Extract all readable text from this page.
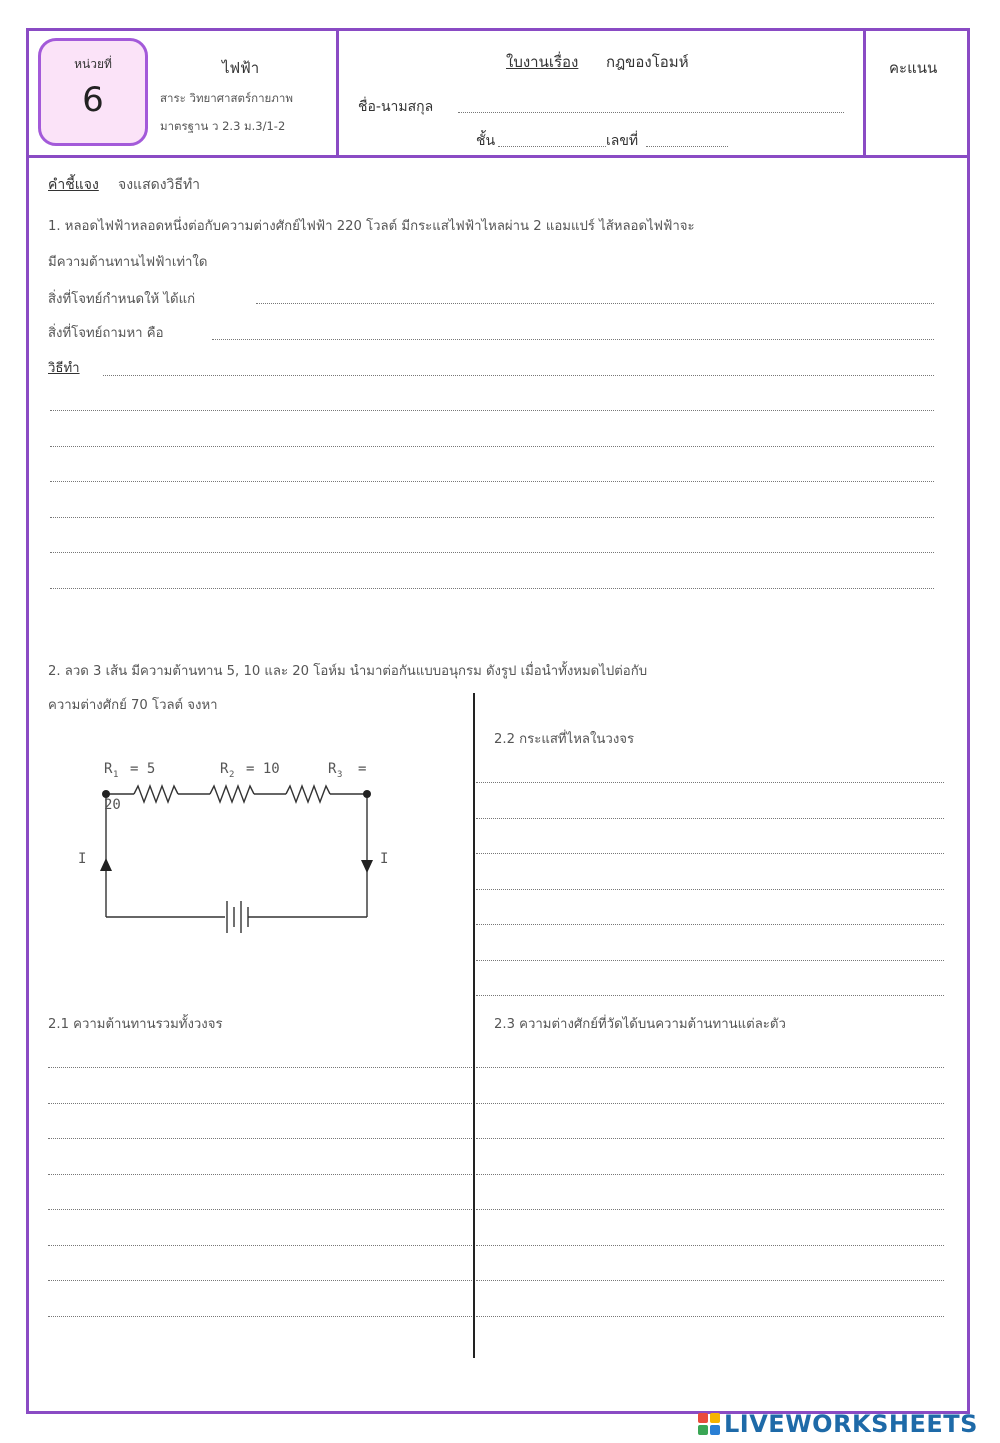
หน่วยที่
6
ไฟฟ้า
สาระ วิทยาศาสตร์กายภาพ
มาตรฐาน ว 2.3 ม.3/1-2
ใบงานเรื่อง กฎของโอมห์
ชื่อ-นามสกุล
ชั้น	เลขที่
คะแนน
คำชี้แจง จงแสดงวิธีทำ
1. หลอดไฟฟ้าหลอดหนึ่งต่อกับความต่างศักย์ไฟฟ้า 220 โวลต์ มีกระแสไฟฟ้าไหลผ่าน 2 แอมแปร์ ไส้หลอดไฟฟ้าจะ
มีความต้านทานไฟฟ้าเท่าใด
สิ่งที่โจทย์กำหนดให้ ได้แก่
สิ่งที่โจทย์ถามหา คือ
วิธีทำ
2. ลวด 3 เส้น มีความต้านทาน 5, 10 และ 20 โอห์ม นำมาต่อกันแบบอนุกรม ดังรูป เมื่อนำทั้งหมดไปต่อกับ
ความต่างศักย์ 70 โวลต์ จงหา
R 1 = 5	R 2 = 10	R 3 =
20
I	I
2.2 กระแสที่ไหลในวงจร
2.1 ความต้านทานรวมทั้งวงจร	2.3 ความต่างศักย์ที่วัดได้บนความต้านทานแต่ละตัว
LIVEWORKSHEETS
